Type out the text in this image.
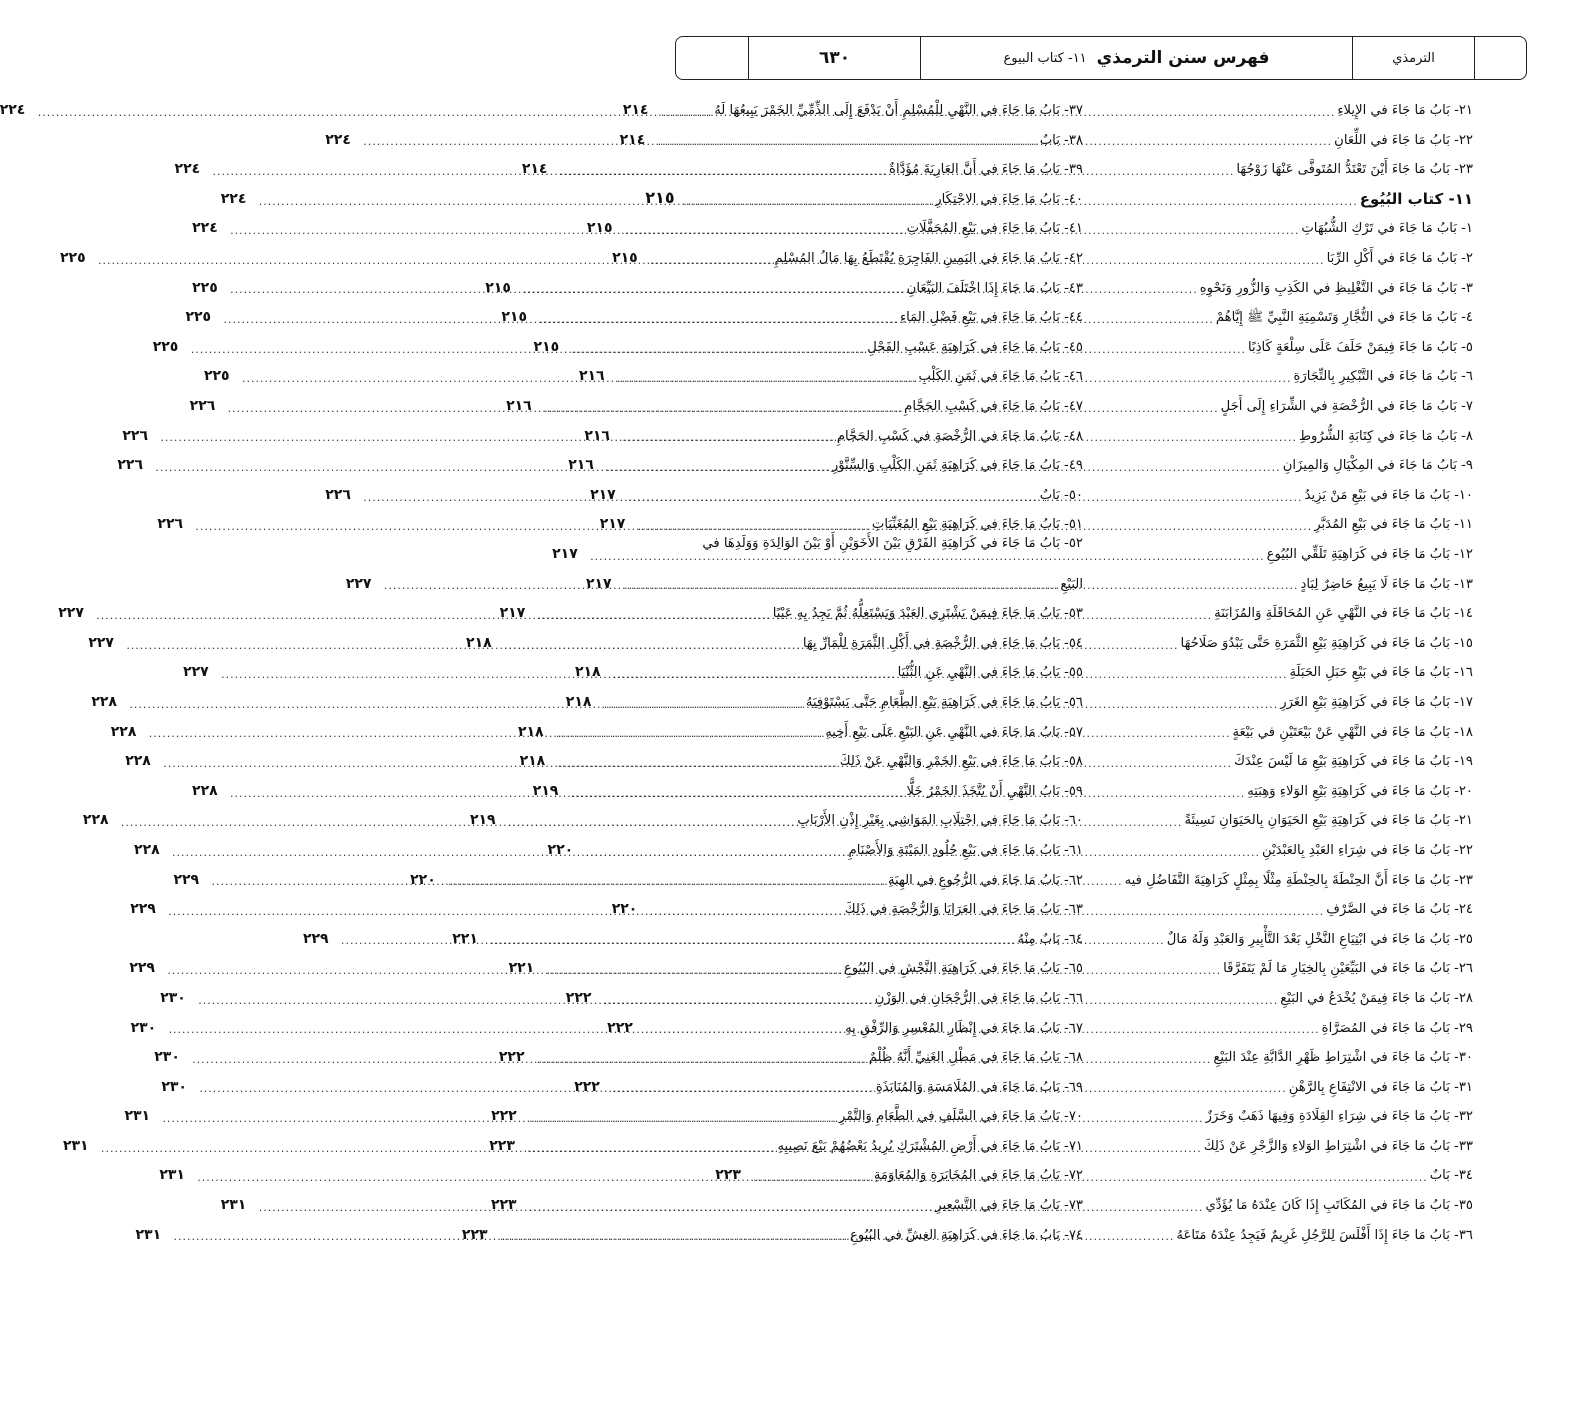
الترمذي
فهرس سنن الترمذي
١١- كتاب البيوع
٦٣٠
٢١- بَابُ مَا جَاءَ في الإِيلاءِ
.....
٢١٤
٢٢- بَابُ مَا جَاءَ في اللِّعَانِ
.....
٢١٤
٢٣- بَابُ مَا جَاءَ أَيْنَ تَعْتَدُّ المُتَوفَّى عَنْهَا زَوْجُهَا
.....
٢١٤
١١- كتاب البُيُوع
.....
٢١٥
١- بَابُ مَا جَاءَ في تَرْكِ الشُّبُهَاتِ
.....
٢١٥
٢- بَابُ مَا جَاءَ في أَكْلِ الرِّبَا
.....
٢١٥
٣- بَابُ مَا جَاءَ في التَّغْلِيظِ في الكَذِبِ وَالزُّورِ وَنَحْوِهِ
.....
٢١٥
٤- بَابُ مَا جَاءَ في التُّجَّارِ وَتَسْمِيَةِ النَّبِيِّ ﷺ إِيَّاهُمْ
.....
٢١٥
٥- بَابُ مَا جَاءَ فِيمَنْ حَلَفَ عَلَى سِلْعَةٍ كَاذِبًا
.....
٢١٥
٦- بَابُ مَا جَاءَ في التَّبْكِيرِ بِالتِّجَارَةِ
.....
٢١٦
٧- بَابُ مَا جَاءَ في الرُّخْصَةِ في الشِّرَاءِ إِلَى أَجَلٍ
.....
٢١٦
٨- بَابُ مَا جَاءَ في كِتَابَةِ الشُّرُوطِ
.....
٢١٦
٩- بَابُ مَا جَاءَ في المِكْيَالِ وَالمِيزَانِ
.....
٢١٦
١٠- بَابُ مَا جَاءَ في بَيْعِ مَنْ يَزِيدُ
.....
٢١٧
١١- بَابُ مَا جَاءَ في بَيْعِ المُدَبَّرِ
.....
٢١٧
١٢- بَابُ مَا جَاءَ في كَرَاهِيَةِ تَلَقِّي البُيُوعِ
.....
٢١٧
١٣- بَابُ مَا جَاءَ لَا يَبِيعُ حَاضِرٌ لِبَادٍ
.....
٢١٧
١٤- بَابُ مَا جَاءَ في النَّهْيِ عَنِ المُحَاقَلَةِ وَالمُزَابَنَةِ
.....
٢١٧
١٥- بَابُ مَا جَاءَ في كَرَاهِيَةِ بَيْعِ الثَّمَرَةِ حَتَّى يَبْدُوَ صَلَاحُهَا
.....
٢١٨
١٦- بَابُ مَا جَاءَ في بَيْعِ حَبَلِ الحَبَلَةِ
.....
٢١٨
١٧- بَابُ مَا جَاءَ في كَرَاهِيَةِ بَيْعِ الغَرَرِ
.....
٢١٨
١٨- بَابُ مَا جَاءَ في النَّهْيِ عَنْ بَيْعَتَيْنِ في بَيْعَةٍ
.....
٢١٨
١٩- بَابُ مَا جَاءَ في كَرَاهِيَةِ بَيْعِ مَا لَيْسَ عِنْدَكَ
.....
٢١٨
٢٠- بَابُ مَا جَاءَ في كَرَاهِيَةِ بَيْعِ الوَلاءِ وَهِبَتِهِ
.....
٢١٩
٢١- بَابُ مَا جَاءَ في كَرَاهِيَةِ بَيْعِ الحَيَوَانِ بِالحَيَوَانِ نَسِيئَةً
.....
٢١٩
٢٢- بَابُ مَا جَاءَ في شِرَاءِ العَبْدِ بِالعَبْدَيْنِ
.....
٢٢٠
٢٣- بَابُ مَا جَاءَ أَنَّ الحِنْطَةَ بِالحِنْطَةِ مِثْلًا بِمِثْلٍ كَرَاهِيَةَ التَّفَاضُلِ فيه
.....
٢٢٠
٢٤- بَابُ مَا جَاءَ في الصَّرْفِ
.....
٢٢٠
٢٥- بَابُ مَا جَاءَ في ابْتِيَاعِ النَّخْلِ بَعْدَ التَّأْبِيرِ وَالعَبْدِ وَلَهُ مَالٌ
.....
٢٢١
٢٦- بَابُ مَا جَاءَ في البَيِّعَيْنِ بِالخِيَارِ مَا لَمْ يَتَفَرَّقَا
.....
٢٢١
٢٨- بَابُ مَا جَاءَ فِيمَنْ يُخْدَعُ في البَيْعِ
.....
٢٢٢
٢٩- بَابُ مَا جَاءَ في المُصَرَّاةِ
.....
٢٢٢
٣٠- بَابُ مَا جَاءَ في اشْتِرَاطِ ظَهْرِ الدَّابَّةِ عِنْدَ البَيْعِ
.....
٢٢٢
٣١- بَابُ مَا جَاءَ في الانْتِفَاعِ بِالرَّهْنِ
.....
٢٢٢
٣٢- بَابُ مَا جَاءَ في شِرَاءِ القِلَادَةِ وَفِيهَا ذَهَبٌ وَخَرَزٌ
.....
٢٢٢
٣٣- بَابُ مَا جَاءَ في اشْتِرَاطِ الوَلاءِ وَالزَّجْرِ عَنْ ذَلِكَ
.....
٢٢٣
٣٤- بَابٌ
.....
٢٢٣
٣٥- بَابُ مَا جَاءَ في المُكَاتَبِ إِذَا كَانَ عِنْدَهُ مَا يُؤَدِّي
.....
٢٢٣
٣٦- بَابُ مَا جَاءَ إِذَا أَفْلَسَ لِلرَّجُلِ غَرِيمٌ فَيَجِدُ عِنْدَهُ مَتَاعَهُ
.....
٢٢٣
٣٧- بَابُ مَا جَاءَ في النَّهْيِ لِلْمُسْلِمِ أَنْ يَدْفَعَ إِلَى الذِّمِّيِّ الخَمْرَ يَبِيعُهَا لَهُ
.....
٢٢٤
٣٨- بَابٌ
.....
٢٢٤
٣٩- بَابُ مَا جَاءَ في أَنَّ العَارِيَةَ مُؤَدَّاةٌ
.....
٢٢٤
٤٠- بَابُ مَا جَاءَ في الاحْتِكَارِ
.....
٢٢٤
٤١- بَابُ مَا جَاءَ في بَيْعِ المُحَفَّلَاتِ
.....
٢٢٤
٤٢- بَابُ مَا جَاءَ في اليَمِينِ الفَاجِرَةِ يُقْتَطَعُ بِهَا مَالُ المُسْلِمِ
.....
٢٢٥
٤٣- بَابُ مَا جَاءَ إِذَا اخْتَلَفَ البَيِّعَانِ
.....
٢٢٥
٤٤- بَابُ مَا جَاءَ في بَيْعِ فَضْلِ المَاءِ
.....
٢٢٥
٤٥- بَابُ مَا جَاءَ في كَرَاهِيَةِ عَسْبِ الفَحْلِ
.....
٢٢٥
٤٦- بَابُ مَا جَاءَ في ثَمَنِ الكَلْبِ
.....
٢٢٥
٤٧- بَابُ مَا جَاءَ في كَسْبِ الحَجَّامِ
.....
٢٢٦
٤٨- بَابُ مَا جَاءَ في الرُّخْصَةِ في كَسْبِ الحَجَّامِ
.....
٢٢٦
٤٩- بَابُ مَا جَاءَ في كَرَاهِيَةِ ثَمَنِ الكَلْبِ وَالسِّنَّوْرِ
.....
٢٢٦
٥٠- بَابٌ
.....
٢٢٦
٥١- بَابُ مَا جَاءَ في كَرَاهِيَةِ بَيْعِ المُغَنِّيَاتِ
.....
٢٢٦
٥٢- بَابُ مَا جَاءَ في كَرَاهِيَةِ الفَرْقِ بَيْنَ الأَخَوَيْنِ أَوْ بَيْنَ الوَالِدَةِ وَوَلَدِهَا في
البَيْعِ
.....
٢٢٧
٥٣- بَابُ مَا جَاءَ فِيمَنْ يَشْتَرِي العَبْدَ وَيَسْتَغِلُّهُ ثُمَّ يَجِدُ بِهِ عَيْبًا
.....
٢٢٧
٥٤- بَابُ مَا جَاءَ في الرُّخْصَةِ في أَكْلِ الثَّمَرَةِ لِلْمَارِّ بِهَا
.....
٢٢٧
٥٥- بَابُ مَا جَاءَ في النَّهْيِ عَنِ الثُّنْيَا
.....
٢٢٧
٥٦- بَابُ مَا جَاءَ في كَرَاهِيَةِ بَيْعِ الطَّعَامِ حَتَّى يَسْتَوْفِيَهُ
.....
٢٢٨
٥٧- بَابُ مَا جَاءَ في النَّهْيِ عَنِ البَيْعِ عَلَى بَيْعِ أَخِيهِ
.....
٢٢٨
٥٨- بَابُ مَا جَاءَ في بَيْعِ الخَمْرِ وَالنَّهْيِ عَنْ ذَلِكَ
.....
٢٢٨
٥٩- بَابُ النَّهْيِ أَنْ يُتَّخَذَ الخَمْرُ خَلًّا
.....
٢٢٨
٦٠- بَابُ مَا جَاءَ في احْتِلَابِ المَوَاشِي بِغَيْرِ إِذْنِ الأَرْبَابِ
.....
٢٢٨
٦١- بَابُ مَا جَاءَ في بَيْعِ جُلُودِ المَيْتَةِ وَالأَصْنَامِ
.....
٢٢٨
٦٢- بَابُ مَا جَاءَ في الرُّجُوعِ في الهِبَةِ
.....
٢٢٩
٦٣- بَابُ مَا جَاءَ في العَرَايَا وَالرُّخْصَةِ في ذَلِكَ
.....
٢٢٩
٦٤- بَابٌ مِنْهُ
.....
٢٢٩
٦٥- بَابُ مَا جَاءَ في كَرَاهِيَةِ النَّجْشِ في البُيُوعِ
.....
٢٢٩
٦٦- بَابُ مَا جَاءَ في الرُّجْحَانِ في الوَزْنِ
.....
٢٣٠
٦٧- بَابُ مَا جَاءَ في إِنْظَارِ المُعْسِرِ وَالرِّفْقِ بِهِ
.....
٢٣٠
٦٨- بَابُ مَا جَاءَ في مَطْلِ الغَنِيِّ أَنَّهُ ظُلْمٌ
.....
٢٣٠
٦٩- بَابُ مَا جَاءَ في المُلَامَسَةِ وَالمُنَابَذَةِ
.....
٢٣٠
٧٠- بَابُ مَا جَاءَ في السَّلَفِ في الطَّعَامِ وَالتَّمْرِ
.....
٢٣١
٧١- بَابُ مَا جَاءَ في أَرْضِ المُشْتَرَكِ يُرِيدُ بَعْضُهُمْ بَيْعَ نَصِيبِهِ
.....
٢٣١
٧٢- بَابُ مَا جَاءَ في المُخَابَرَةِ وَالمُعَاوَمَةِ
.....
٢٣١
٧٣- بَابُ مَا جَاءَ في التَّسْعِيرِ
.....
٢٣١
٧٤- بَابُ مَا جَاءَ في كَرَاهِيَةِ الغِشِّ في البُيُوعِ
.....
٢٣١
